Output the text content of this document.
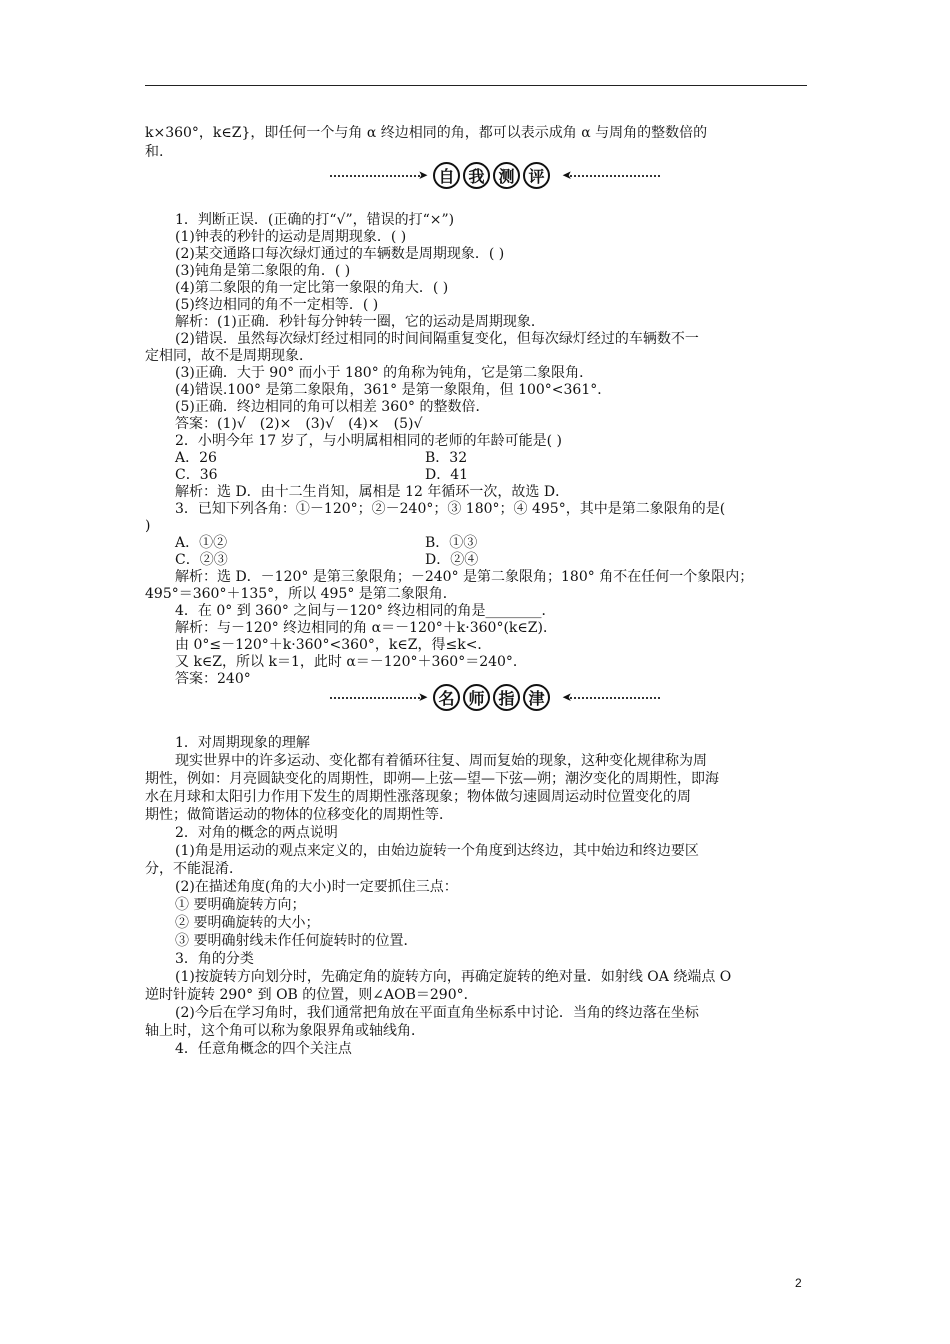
k×360°，k∈Z}，即任何一个与角 α 终边相同的角，都可以表示成角 α 与周角的整数倍的
和.
➤ 自 我 测 评	➤
1．判断正误．(正确的打“√”，错误的打“×”)
(1)钟表的秒针的运动是周期现象．( )
(2)某交通路口每次绿灯通过的车辆数是周期现象．( )
(3)钝角是第二象限的角．( )
(4)第二象限的角一定比第一象限的角大．( )
(5)终边相同的角不一定相等．( )
解析：(1)正确．秒针每分钟转一圈，它的运动是周期现象．
(2)错误．虽然每次绿灯经过相同的时间间隔重复变化，但每次绿灯经过的车辆数不一
定相同，故不是周期现象．
(3)正确．大于 90° 而小于 180° 的角称为钝角，它是第二象限角．
(4)错误.100° 是第二象限角，361° 是第一象限角，但 100°<361°．
(5)正确．终边相同的角可以相差 360° 的整数倍．
答案：(1)√　(2)×　(3)√　(4)×　(5)√
2．小明今年 17 岁了，与小明属相相同的老师的年龄可能是( )
A．26	B．32
C．36	D．41
解析：选 D．由十二生肖知，属相是 12 年循环一次，故选 D．
3．已知下列各角：①－120°；②－240°；③ 180°；④ 495°，其中是第二象限角的是(
)
A．①②	B．①③
C．②③	D．②④
解析：选 D．－120° 是第三象限角；－240° 是第二象限角；180° 角不在任何一个象限内；
495°＝360°＋135°，所以 495° 是第二象限角．
4．在 0° 到 360° 之间与－120° 终边相同的角是________．
解析：与－120° 终边相同的角 α＝－120°＋k·360°(k∈Z)．
由 0°≤－120°＋k·360°<360°，k∈Z，得≤k<．
又 k∈Z，所以 k＝1，此时 α＝－120°＋360°＝240°．
答案：240°
➤ 名 师 指 津	➤
1．对周期现象的理解
现实世界中的许多运动、变化都有着循环往复、周而复始的现象，这种变化规律称为周
期性，例如：月亮圆缺变化的周期性，即朔—上弦—望—下弦—朔；潮汐变化的周期性，即海
水在月球和太阳引力作用下发生的周期性涨落现象；物体做匀速圆周运动时位置变化的周
期性；做简谐运动的物体的位移变化的周期性等．
2．对角的概念的两点说明
(1)角是用运动的观点来定义的，由始边旋转一个角度到达终边，其中始边和终边要区
分，不能混淆．
(2)在描述角度(角的大小)时一定要抓住三点：
① 要明确旋转方向；
② 要明确旋转的大小；
③ 要明确射线未作任何旋转时的位置．
3．角的分类
(1)按旋转方向划分时，先确定角的旋转方向，再确定旋转的绝对量．如射线 OA 绕端点 O
逆时针旋转 290° 到 OB 的位置，则∠AOB＝290°．
(2)今后在学习角时，我们通常把角放在平面直角坐标系中讨论．当角的终边落在坐标
轴上时，这个角可以称为象限界角或轴线角．
4．任意角概念的四个关注点
2
